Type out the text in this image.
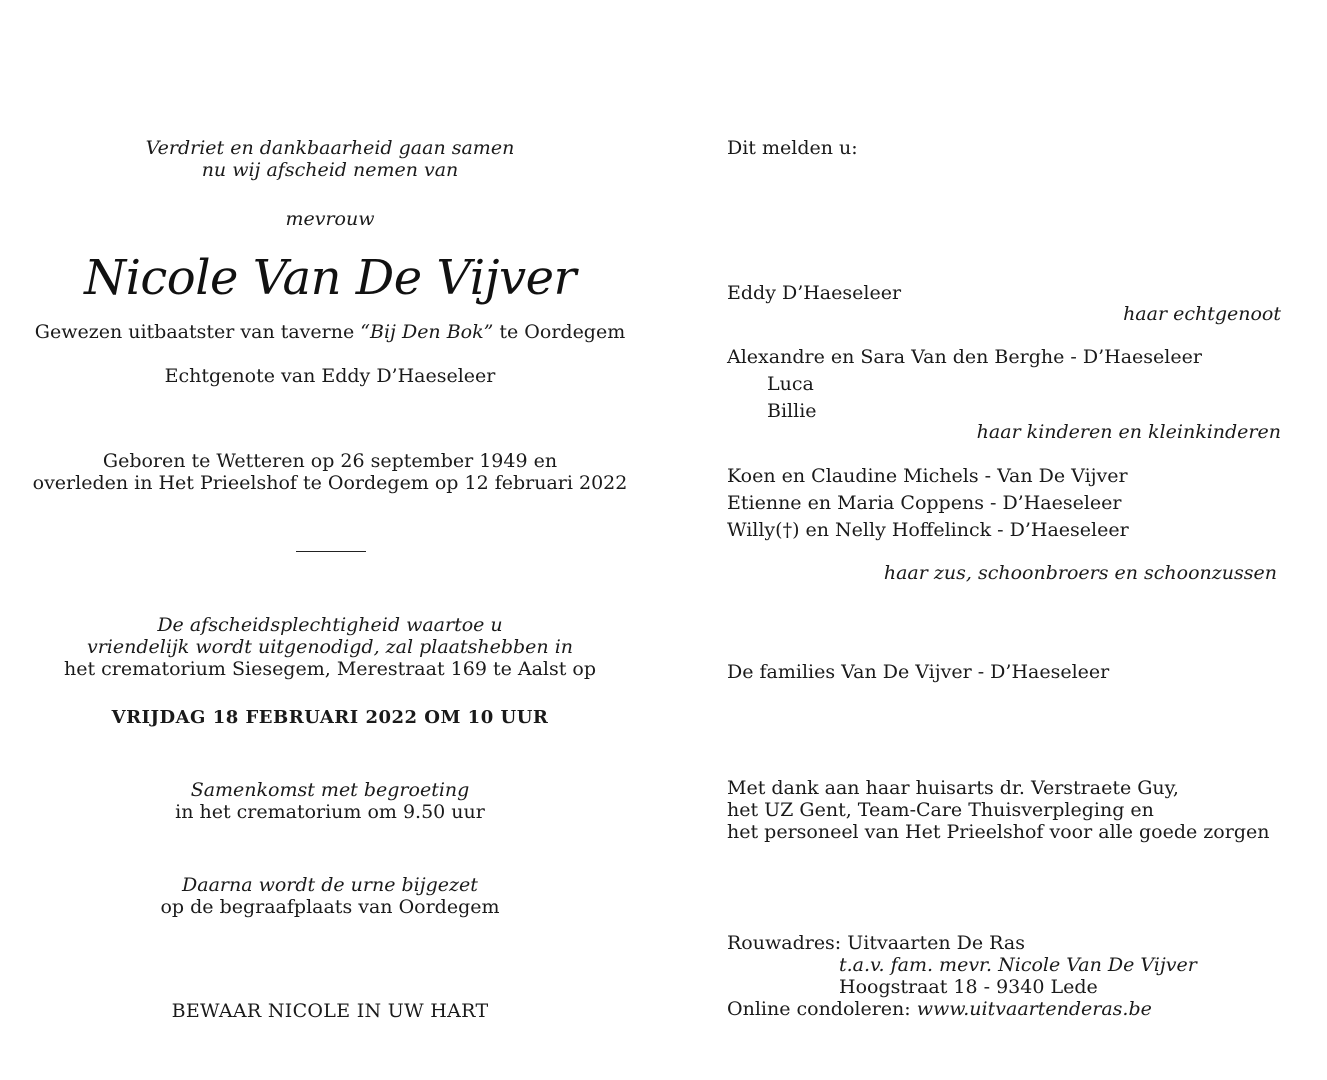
Verdriet en dankbaarheid gaan samen
nu wij afscheid nemen van
mevrouw
Nicole Van De Vijver
Gewezen uitbaatster van taverne “Bij Den Bok” te Oordegem
Echtgenote van Eddy D’Haeseleer
Geboren te Wetteren op 26 september 1949 en
overleden in Het Prieelshof te Oordegem op 12 februari 2022
De afscheidsplechtigheid waartoe u
vriendelijk wordt uitgenodigd, zal plaatshebben in
het crematorium Siesegem, Merestraat 169 te Aalst op
VRIJDAG 18 FEBRUARI 2022 OM 10 UUR
Samenkomst met begroeting
in het crematorium om 9.50 uur
Daarna wordt de urne bijgezet
op de begraafplaats van Oordegem
BEWAAR NICOLE IN UW HART
Dit melden u:
Eddy D’Haeseleer
haar echtgenoot
Alexandre en Sara Van den Berghe - D’Haeseleer
Luca
Billie
haar kinderen en kleinkinderen
Koen en Claudine Michels - Van De Vijver
Etienne en Maria Coppens - D’Haeseleer
Willy(†) en Nelly Hoffelinck - D’Haeseleer
haar zus, schoonbroers en schoonzussen
De families Van De Vijver - D’Haeseleer
Met dank aan haar huisarts dr. Verstraete Guy,
het UZ Gent, Team-Care Thuisverpleging en
het personeel van Het Prieelshof voor alle goede zorgen
Rouwadres: Uitvaarten De Ras
t.a.v. fam. mevr. Nicole Van De Vijver
Hoogstraat 18 - 9340 Lede
Online condoleren: www.uitvaartenderas.be
